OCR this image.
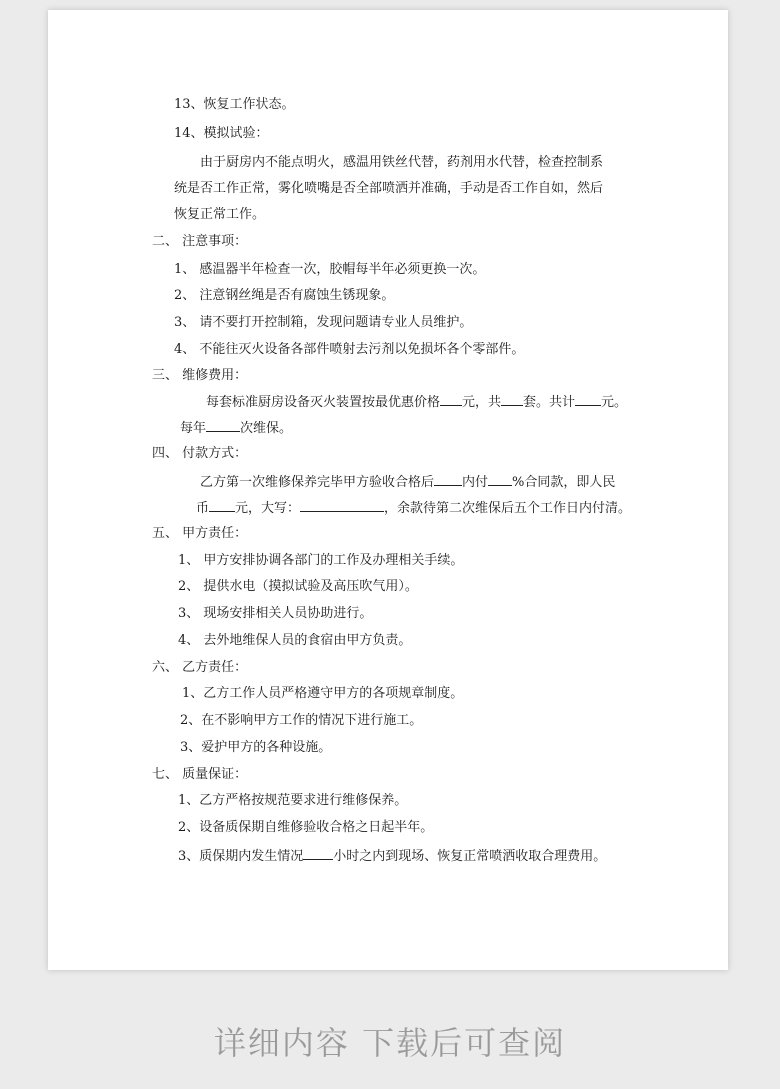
13、恢复工作状态。
14、模拟试验：
由于厨房内不能点明火，感温用铁丝代替，药剂用水代替，检查控制系
统是否工作正常，雾化喷嘴是否全部喷洒并准确，手动是否工作自如，然后
恢复正常工作。
二、 注意事项：
1、 感温器半年检查一次，胶帽每半年必须更换一次。
2、 注意钢丝绳是否有腐蚀生锈现象。
3、 请不要打开控制箱，发现问题请专业人员维护。
4、 不能往灭火设备各部件喷射去污剂以免损坏各个零部件。
三、 维修费用：
每套标准厨房设备灭火装置按最优惠价格 元，共 套。共计 元。
每年	次维保。
四、 付款方式：
乙方第一次维修保养完毕甲方验收合格后 内付 %合同款，即人民
币 元，大写：	，余款待第二次维保后五个工作日内付清。
五、 甲方责任：
1、 甲方安排协调各部门的工作及办理相关手续。
2、 提供水电（摸拟试验及高压吹气用）。
3、 现场安排相关人员协助进行。
4、 去外地维保人员的食宿由甲方负责。
六、 乙方责任：
1、乙方工作人员严格遵守甲方的各项规章制度。
2、在不影响甲方工作的情况下进行施工。
3、爱护甲方的各种设施。
七、 质量保证：
1、乙方严格按规范要求进行维修保养。
2、设备质保期自维修验收合格之日起半年。
3、质保期内发生情况 小时之内到现场、恢复正常喷洒收取合理费用。
详细内容 下载后可查阅
